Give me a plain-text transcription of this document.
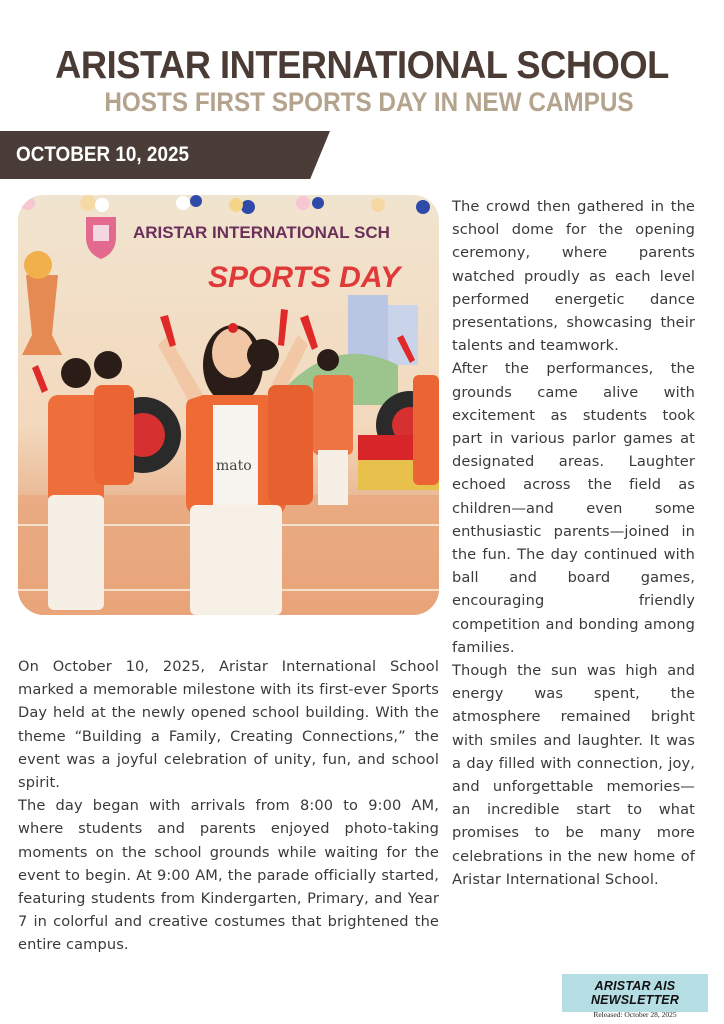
ARISTAR INTERNATIONAL SCHOOL
HOSTS FIRST SPORTS DAY IN NEW CAMPUS
OCTOBER 10, 2025
ARISTAR INTERNATIONAL SCH
SPORTS DAY
mato

On October 10, 2025, Aristar International School marked a memorable milestone with its first-ever Sports Day held at the newly opened school building. With the theme “Building a Family, Creating Connections,” the event was a joyful celebration of unity, fun, and school spirit.

The day began with arrivals from 8:00 to 9:00 AM, where students and parents enjoyed photo-taking moments on the school grounds while waiting for the event to begin. At 9:00 AM, the parade officially started, featuring students from Kindergarten, Primary, and Year 7 in colorful and creative costumes that brightened the entire campus.

The crowd then gathered in the school dome for the opening ceremony, where parents watched proudly as each level performed energetic dance presentations, showcasing their talents and teamwork.

After the performances, the grounds came alive with excitement as students took part in various parlor games at designated areas. Laughter echoed across the field as children—and even some enthusiastic parents—joined in the fun. The day continued with ball and board games, encouraging friendly competition and bonding among families.

Though the sun was high and energy was spent, the atmosphere remained bright with smiles and laughter. It was a day filled with connection, joy, and unforgettable memories—an incredible start to what promises to be many more celebrations in the new home of Aristar International School.

ARISTAR AIS NEWSLETTER
Released: October 28, 2025
